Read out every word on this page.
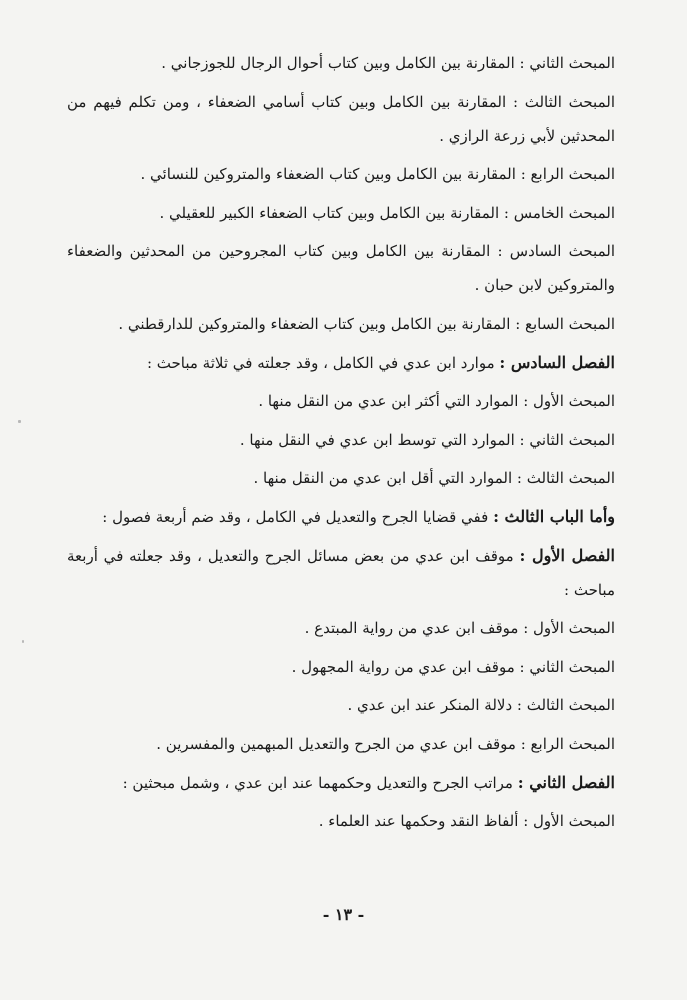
المبحث الثاني : المقارنة بين الكامل وبين كتاب أحوال الرجال للجوزجاني .

المبحث الثالث : المقارنة بين الكامل وبين كتاب أسامي الضعفاء ، ومن تكلم فيهم من المحدثين لأبي زرعة الرازي .

المبحث الرابع : المقارنة بين الكامل وبين كتاب الضعفاء والمتروكين للنسائي .

المبحث الخامس : المقارنة بين الكامل وبين كتاب الضعفاء الكبير للعقيلي .

المبحث السادس : المقارنة بين الكامل وبين كتاب المجروحين من المحدثين والضعفاء والمتروكين لابن حبان .

المبحث السابع : المقارنة بين الكامل وبين كتاب الضعفاء والمتروكين للدارقطني .

الفصل السادس : موارد ابن عدي في الكامل ، وقد جعلته في ثلاثة مباحث :

المبحث الأول : الموارد التي أكثر ابن عدي من النقل منها .

المبحث الثاني : الموارد التي توسط ابن عدي في النقل منها .

المبحث الثالث : الموارد التي أقل ابن عدي من النقل منها .

وأما الباب الثالث : ففي قضايا الجرح والتعديل في الكامل ، وقد ضم أربعة فصول :

الفصل الأول : موقف ابن عدي من بعض مسائل الجرح والتعديل ، وقد جعلته في أربعة مباحث :

المبحث الأول : موقف ابن عدي من رواية المبتدع .

المبحث الثاني : موقف ابن عدي من رواية المجهول .

المبحث الثالث : دلالة المنكر عند ابن عدي .

المبحث الرابع : موقف ابن عدي من الجرح والتعديل المبهمين والمفسرين .

الفصل الثاني : مراتب الجرح والتعديل وحكمهما عند ابن عدي ، وشمل مبحثين :

المبحث الأول : ألفاظ النقد وحكمها عند العلماء .

- ١٣ -
